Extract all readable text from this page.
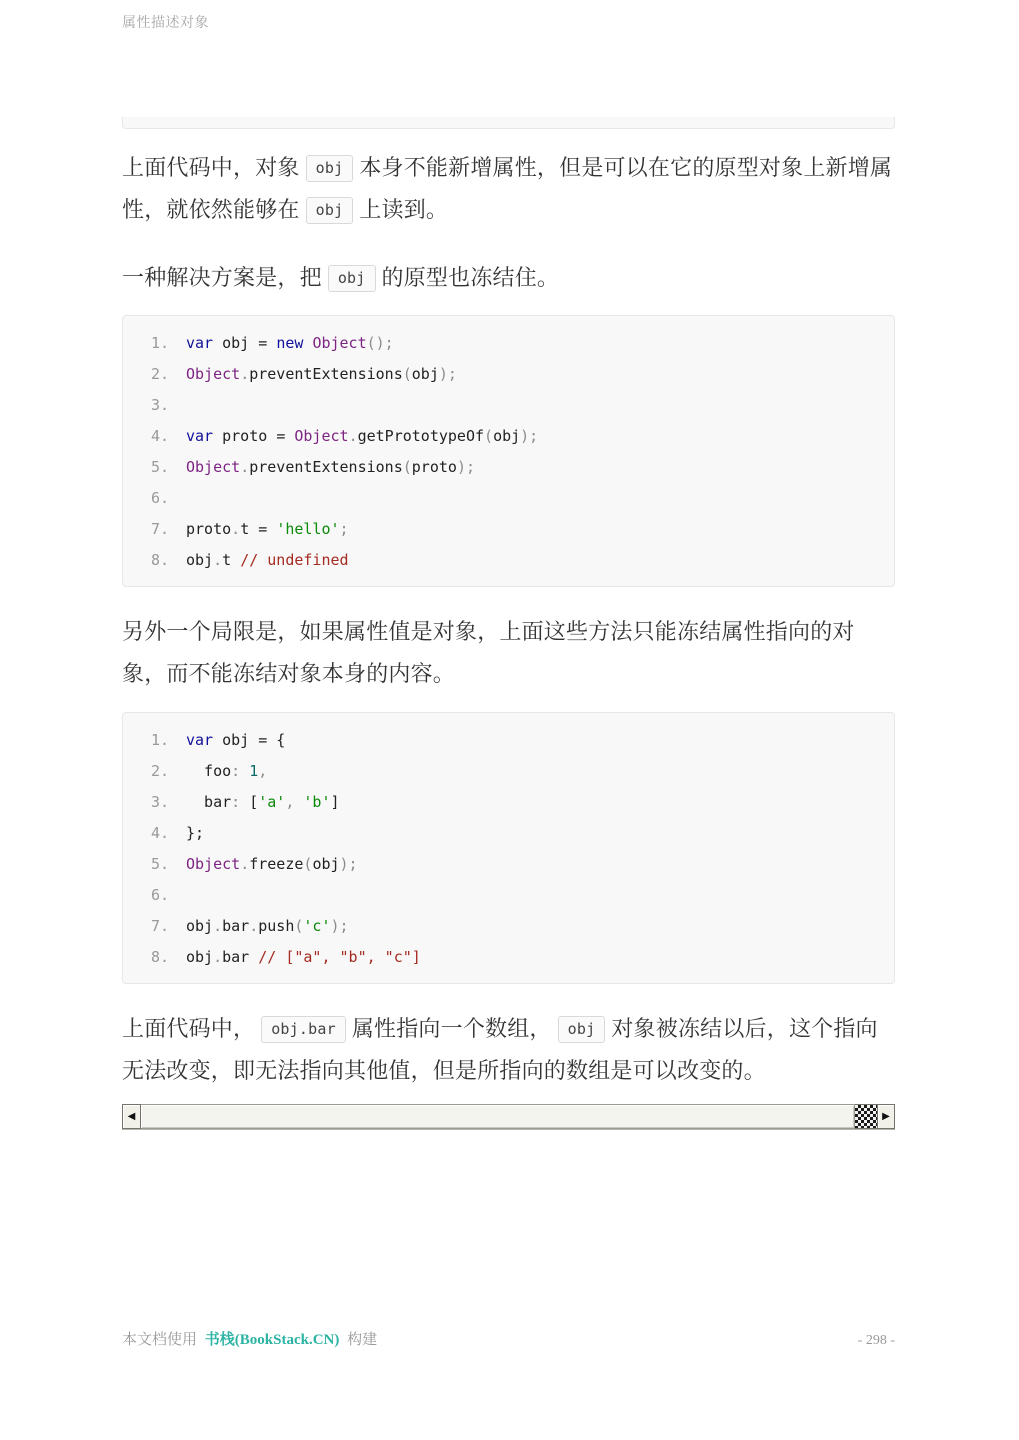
属性描述对象

上面代码中，对象 obj 本身不能新增属性，但是可以在它的原型对象上新增属性，就依然能够在 obj 上读到。

一种解决方案是，把 obj 的原型也冻结住。

1.	var obj = new Object();
2.	Object.preventExtensions(obj);
3.
4.	var proto = Object.getPrototypeOf(obj);
5.	Object.preventExtensions(proto);
6.
7.	proto.t = 'hello';
8.	obj.t // undefined

另外一个局限是，如果属性值是对象，上面这些方法只能冻结属性指向的对象，而不能冻结对象本身的内容。

1.	var obj = {
2.	foo: 1,
3.	bar: ['a', 'b']
4.	};
5.	Object.freeze(obj);
6.
7.	obj.bar.push('c');
8.	obj.bar // ["a", "b", "c"]

上面代码中， obj.bar 属性指向一个数组， obj 对象被冻结以后，这个指向无法改变，即无法指向其他值，但是所指向的数组是可以改变的。

◀	▶
本文档使用 书栈(BookStack.CN) 构建	- 298 -
